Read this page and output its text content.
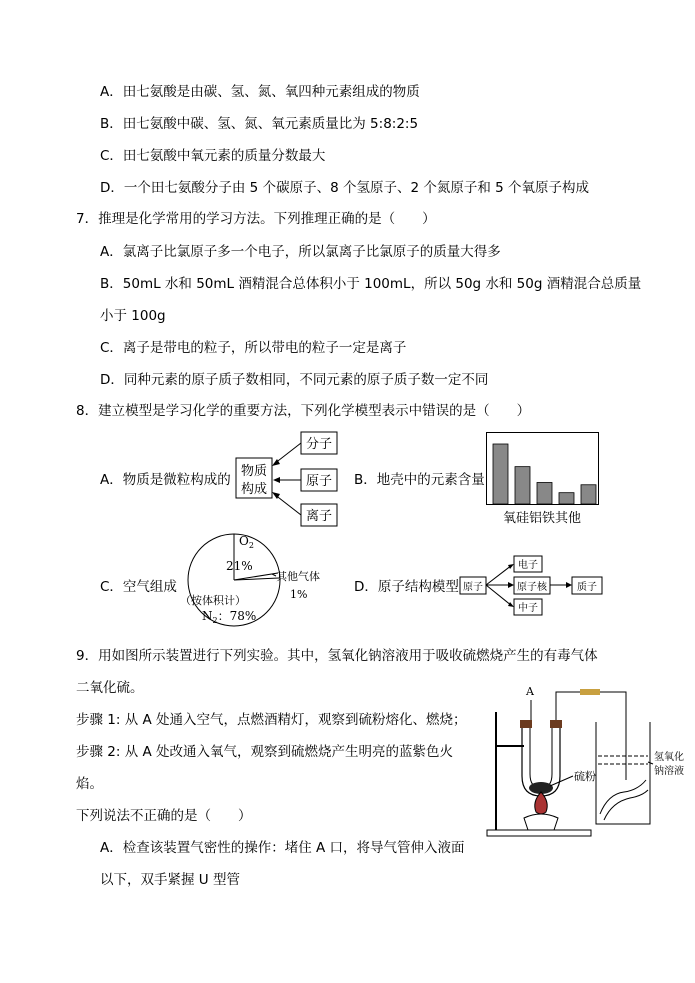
A．田七氨酸是由碳、氢、氮、氧四种元素组成的物质
B．田七氨酸中碳、氢、氮、氧元素质量比为 5:8:2:5
C．田七氨酸中氧元素的质量分数最大
D．一个田七氨酸分子由 5 个碳原子、8 个氢原子、2 个氮原子和 5 个氧原子构成
7．推理是化学常用的学习方法。下列推理正确的是（　　）
A．氯离子比氯原子多一个电子，所以氯离子比氯原子的质量大得多
B．50mL 水和 50mL 酒精混合总体积小于 100mL，所以 50g 水和 50g 酒精混合总质量
小于 100g
C．离子是带电的粒子，所以带电的粒子一定是离子
D．同种元素的原子质子数相同，不同元素的原子质子数一定不同
8．建立模型是学习化学的重要方法，下列化学模型表示中错误的是（　　）
A．物质是微粒构成的
物质
构成
分子
原子
离子
B．地壳中的元素含量
氧硅铝铁其他
C．空气组成
$O_2$
21%
其他气体
1%
（按体积计）
$N_2$：78%
D．原子结构模型 原子
电子
原子核
中子
质子
9．用如图所示装置进行下列实验。其中，氢氧化钠溶液用于吸收硫燃烧产生的有毒气体
二氧化硫。
步骤 1: 从 A 处通入空气，点燃酒精灯，观察到硫粉熔化、燃烧；
步骤 2: 从 A 处改通入氧气，观察到硫燃烧产生明亮的蓝紫色火
焰。
下列说法不正确的是（　　）
A．检查该装置气密性的操作：堵住 A 口，将导气管伸入液面
以下，双手紧握 U 型管
A
硫粉
氢氧化
钠溶液
